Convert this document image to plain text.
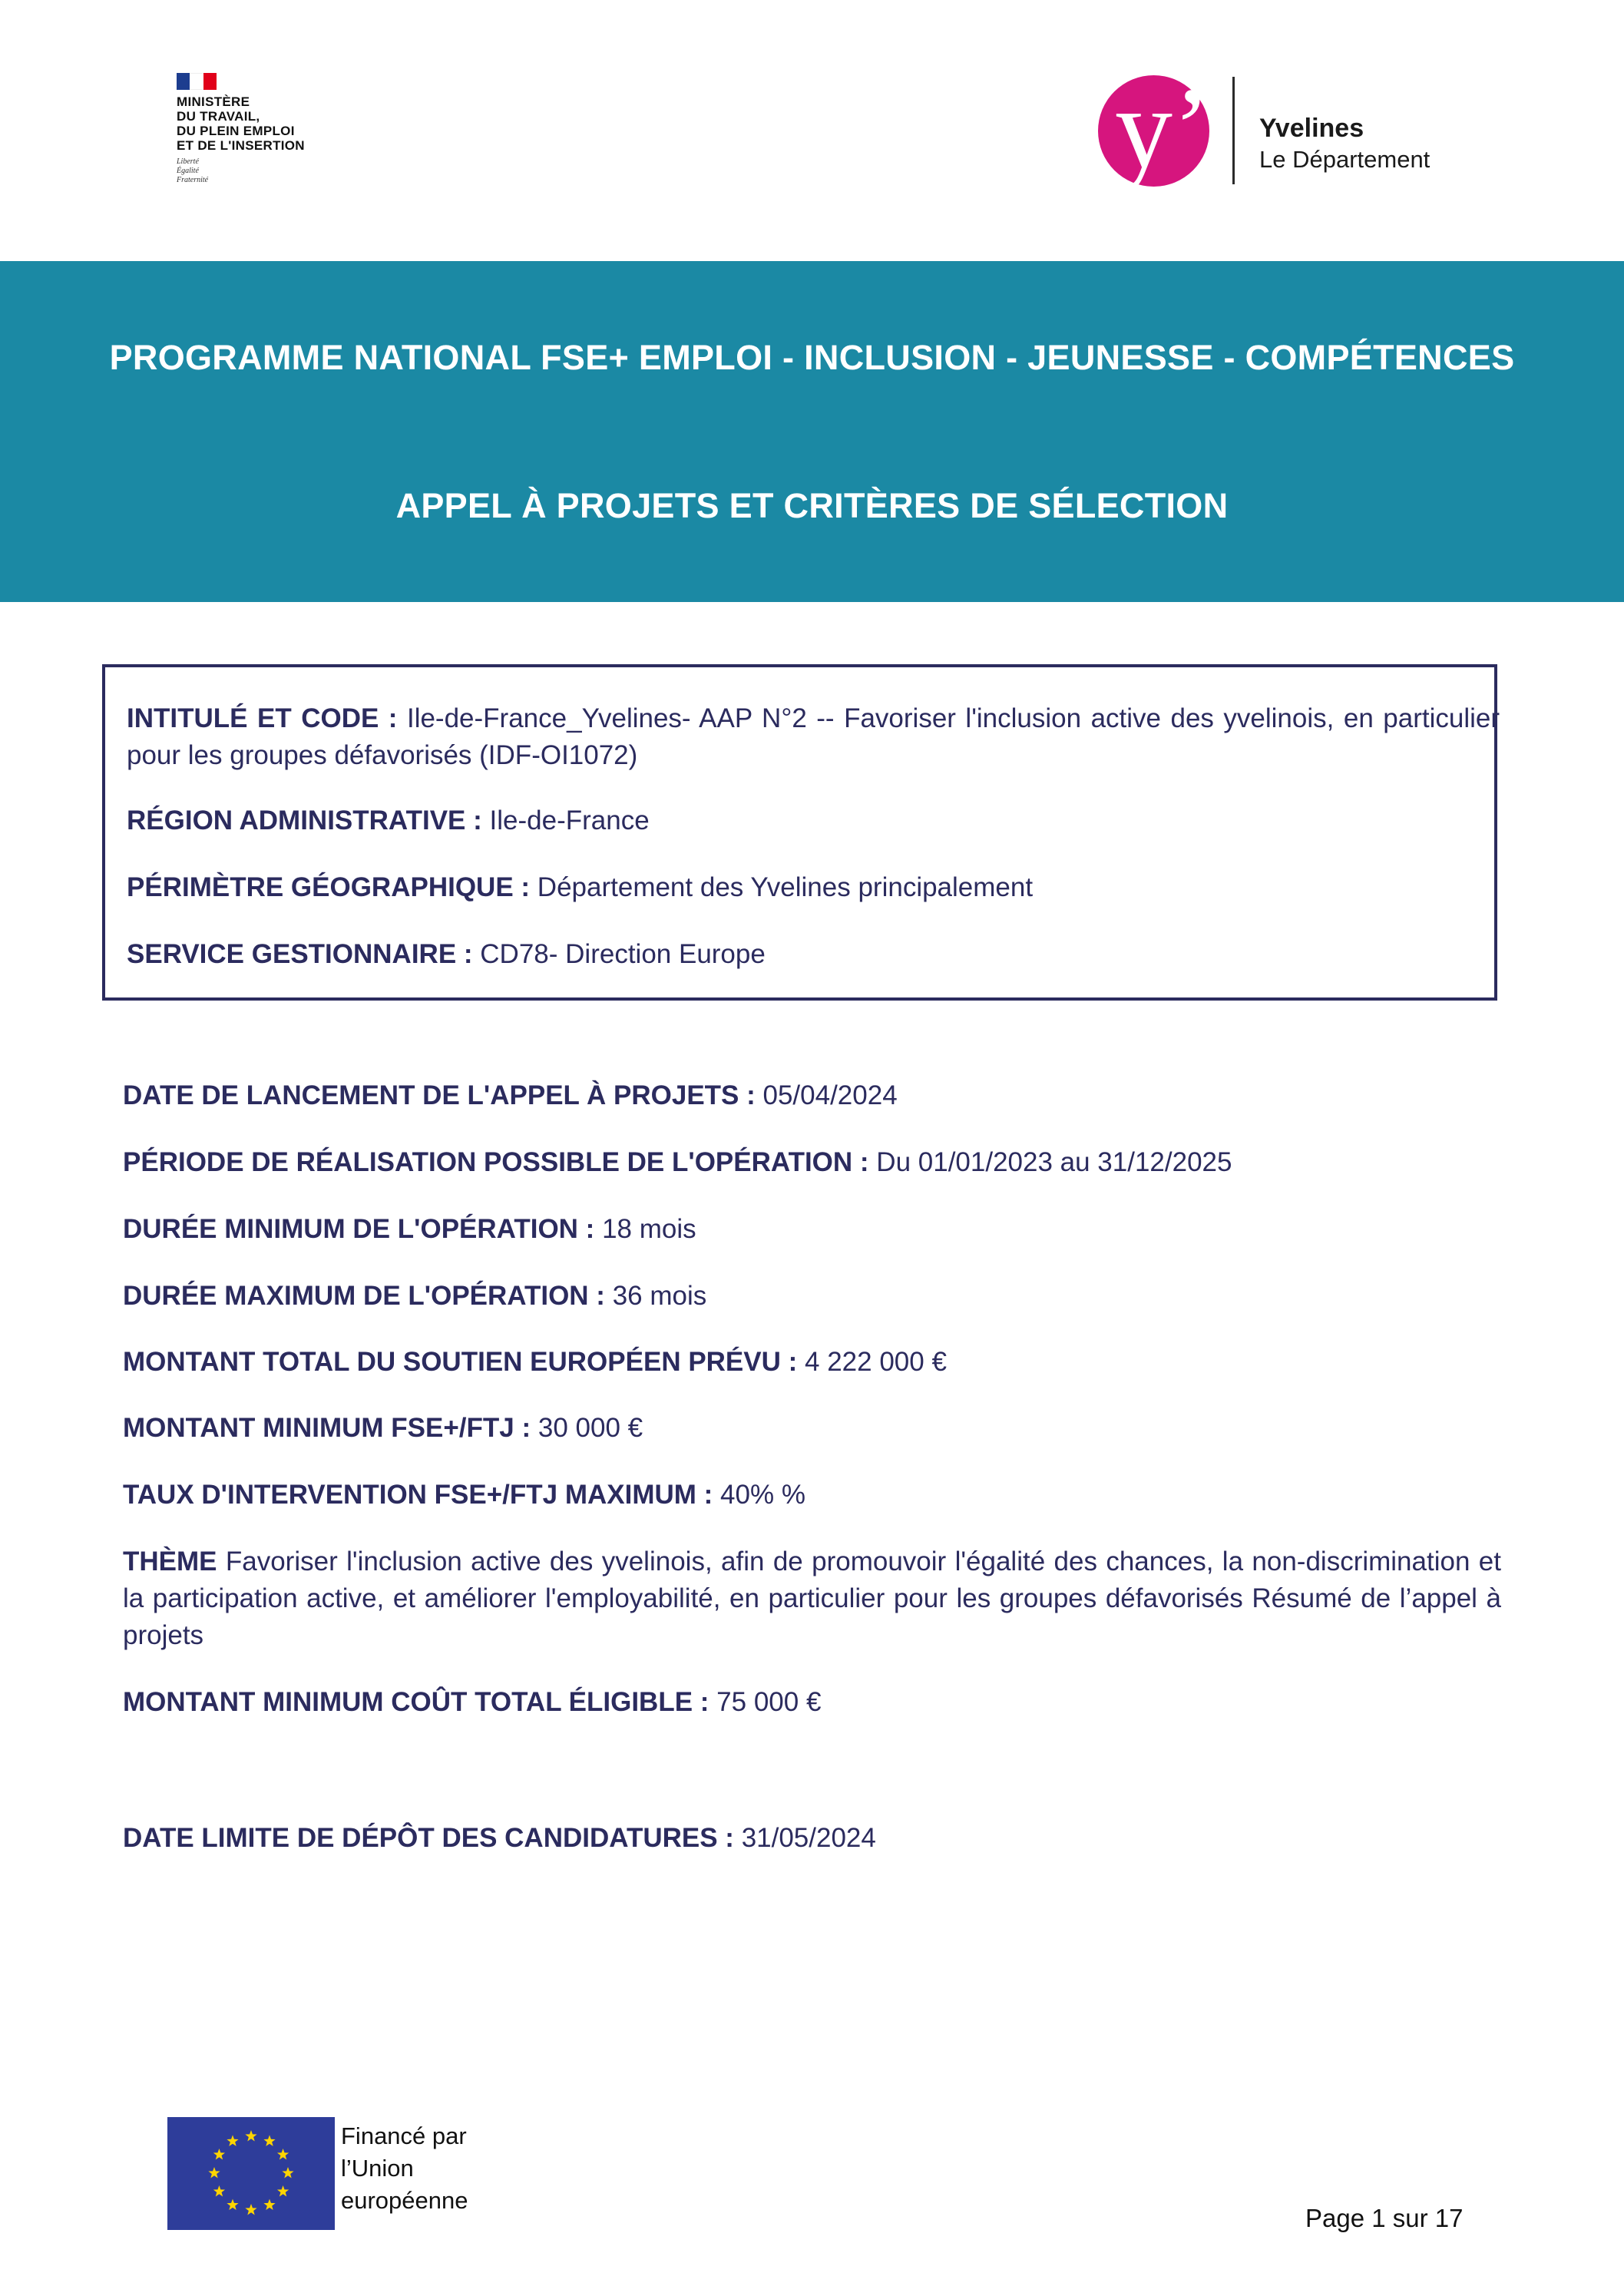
MINISTÈRE
DU TRAVAIL,
DU PLEIN EMPLOI
ET DE L'INSERTION
Liberté
Égalité
Fraternité	y’ Yvelines
Le Département
PROGRAMME NATIONAL FSE+ EMPLOI - INCLUSION - JEUNESSE - COMPÉTENCES
APPEL À PROJETS ET CRITÈRES DE SÉLECTION
INTITULÉ ET CODE : Ile-de-France_Yvelines- AAP N°2 -- Favoriser l'inclusion active des yvelinois, en particulier pour les groupes défavorisés (IDF-OI1072)
RÉGION ADMINISTRATIVE : Ile-de-France
PÉRIMÈTRE GÉOGRAPHIQUE : Département des Yvelines principalement
SERVICE GESTIONNAIRE : CD78- Direction Europe
DATE DE LANCEMENT DE L'APPEL À PROJETS : 05/04/2024
PÉRIODE DE RÉALISATION POSSIBLE DE L'OPÉRATION : Du 01/01/2023 au 31/12/2025
DURÉE MINIMUM DE L'OPÉRATION : 18 mois
DURÉE MAXIMUM DE L'OPÉRATION : 36 mois
MONTANT TOTAL DU SOUTIEN EUROPÉEN PRÉVU : 4 222 000 €
MONTANT MINIMUM FSE+/FTJ : 30 000 €
TAUX D'INTERVENTION FSE+/FTJ MAXIMUM : 40% %
THÈME Favoriser l'inclusion active des yvelinois, afin de promouvoir l'égalité des chances, la non-discrimination et la participation active, et améliorer l'employabilité, en particulier pour les groupes défavorisés Résumé de l’appel à projets
MONTANT MINIMUM COÛT TOTAL ÉLIGIBLE : 75 000 €
DATE LIMITE DE DÉPÔT DES CANDIDATURES : 31/05/2024
Financé par
l’Union
européenne
Page 1 sur 17
